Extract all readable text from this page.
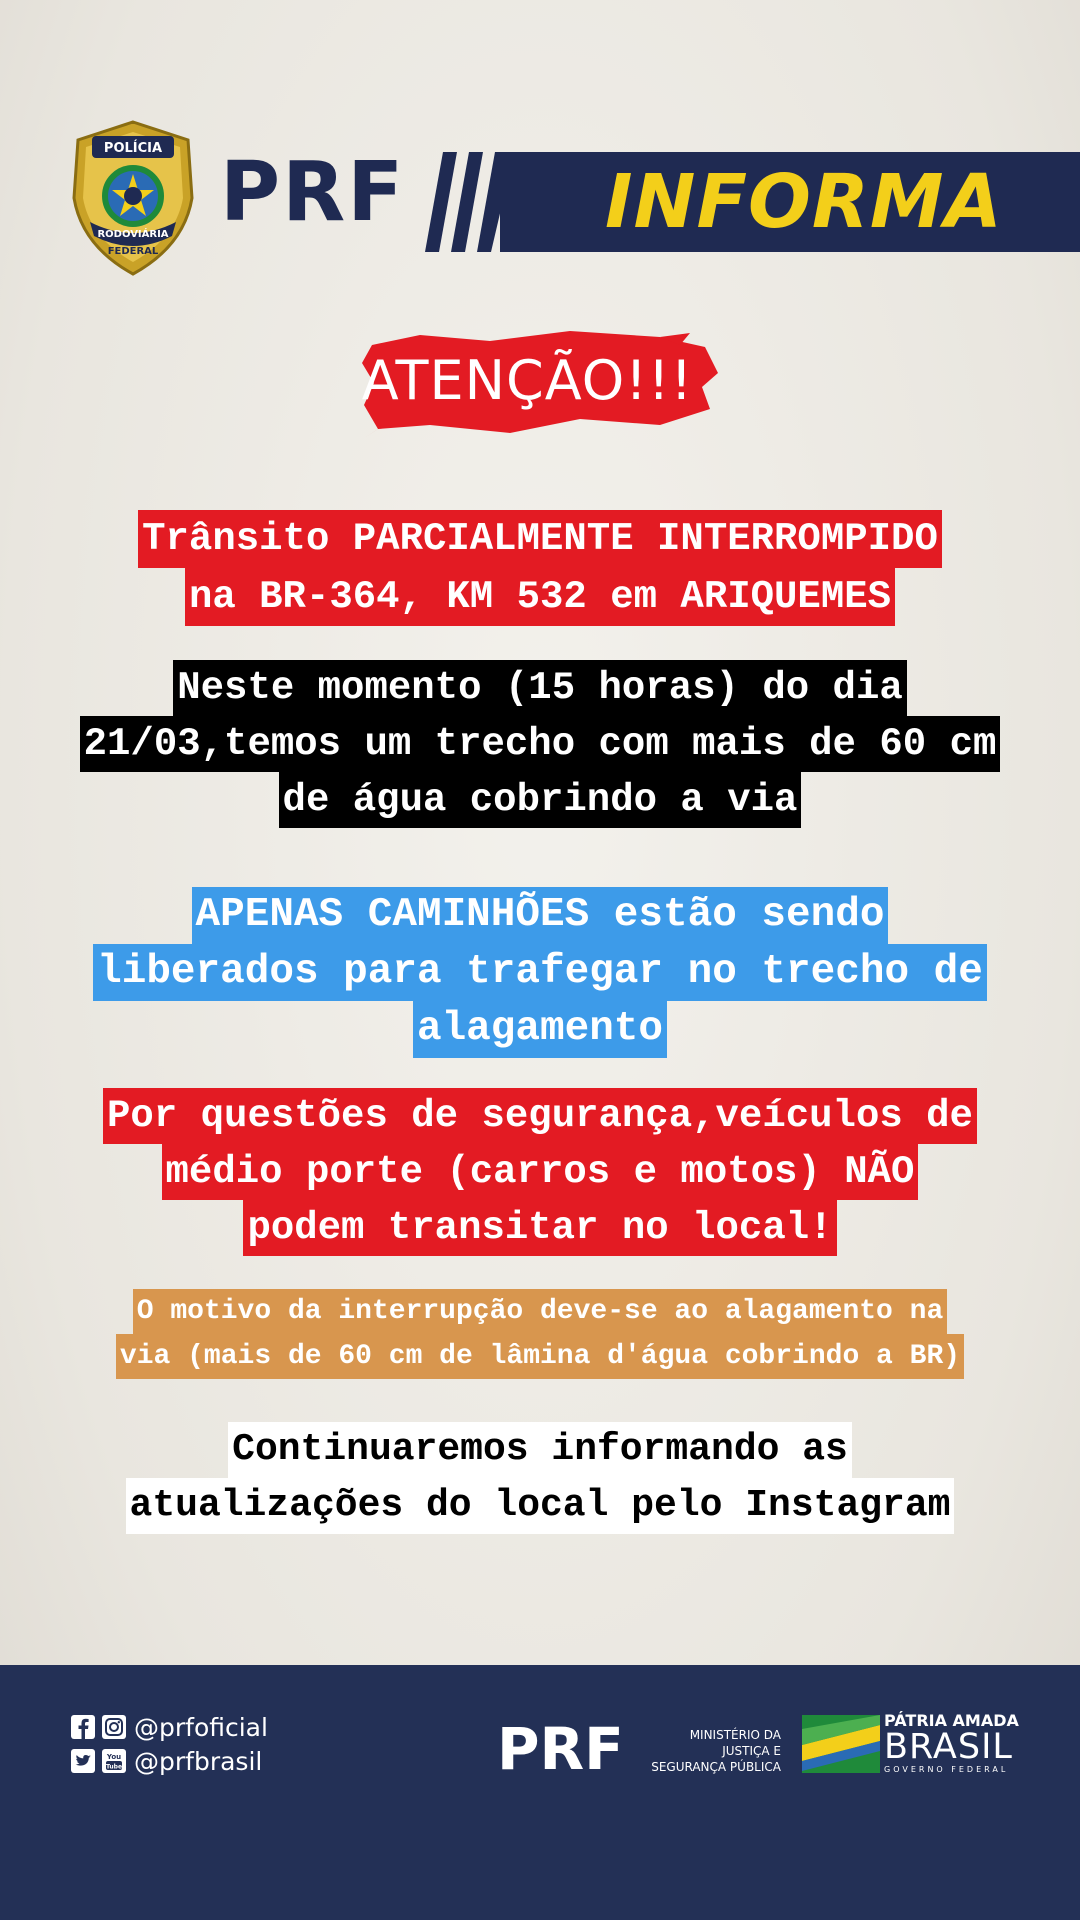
POLÍCIA
RODOVIÁRIA
FEDERAL
PRF	INFORMA
ATENÇÃO!!!
Trânsito PARCIALMENTE INTERROMPIDO
na BR-364, KM 532 em ARIQUEMES
Neste momento (15 horas) do dia
21/03,temos um trecho com mais de 60 cm
de água cobrindo a via
APENAS CAMINHÕES estão sendo
liberados para trafegar no trecho de
alagamento
Por questões de segurança,veículos de
médio porte (carros e motos) NÃO
podem transitar no local!
O motivo da interrupção deve-se ao alagamento na
via (mais de 60 cm de lâmina d'água cobrindo a BR)
Continuaremos informando as
atualizações do local pelo Instagram
@prfoficial
You
Tube @prfbrasil	PRF	MINISTÉRIO DA
JUSTIÇA E
SEGURANÇA PÚBLICA
PÁTRIA AMADA
BRASIL
GOVERNO FEDERAL
